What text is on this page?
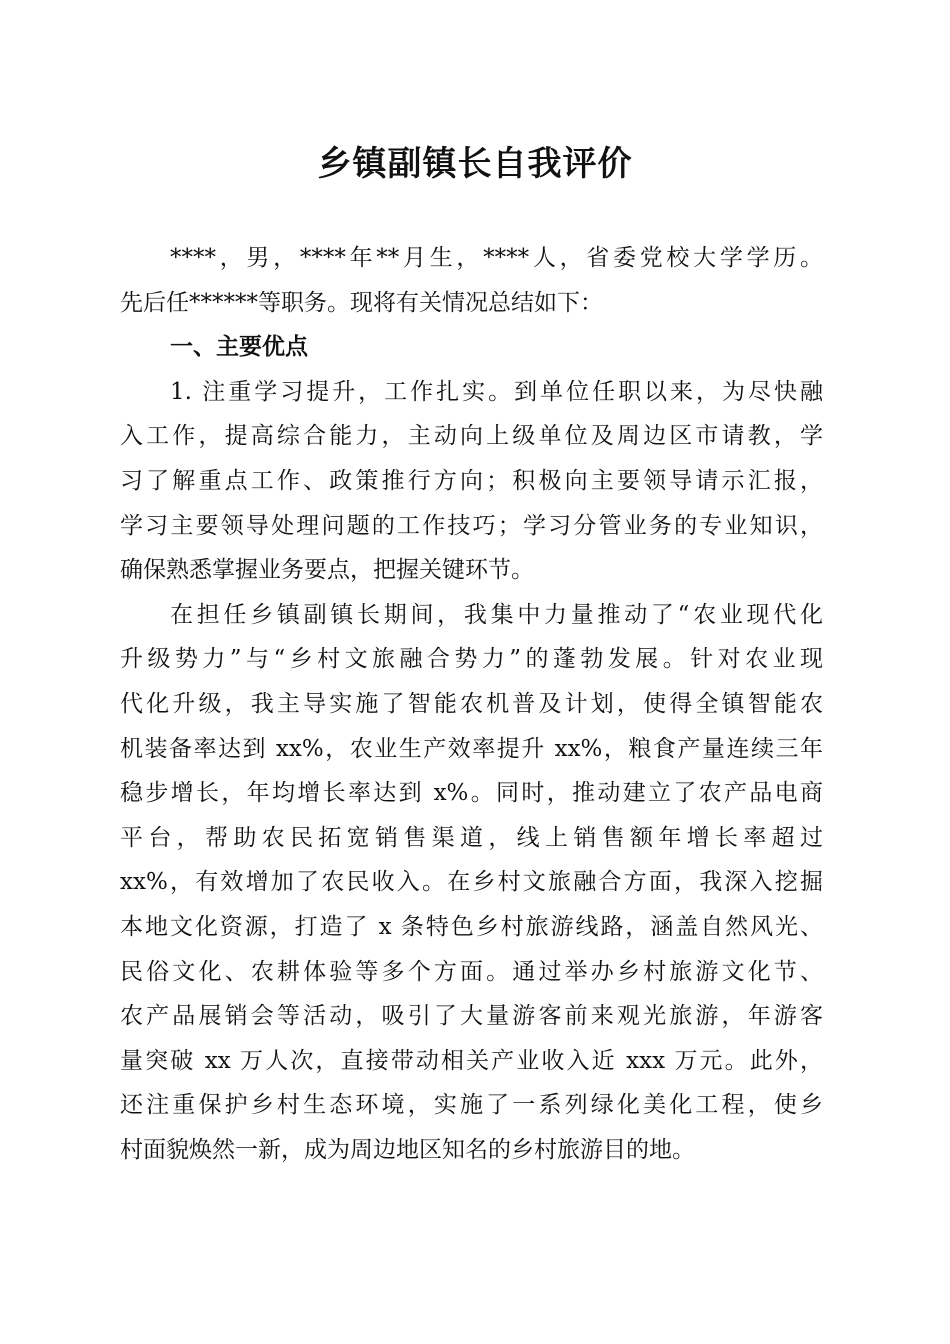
乡镇副镇长自我评价
****，男，****年**月生，****人，省委党校大学学历。
先后任******等职务。现将有关情况总结如下：
一、主要优点
1. 注重学习提升，工作扎实。到单位任职以来，为尽快融
入工作，提高综合能力，主动向上级单位及周边区市请教，学
习了解重点工作、政策推行方向；积极向主要领导请示汇报，
学习主要领导处理问题的工作技巧；学习分管业务的专业知识，
确保熟悉掌握业务要点，把握关键环节。
在担任乡镇副镇长期间，我集中力量推动了“农业现代化
升级势力”与“乡村文旅融合势力”的蓬勃发展。针对农业现
代化升级，我主导实施了智能农机普及计划，使得全镇智能农
机装备率达到 xx%，农业生产效率提升 xx%，粮食产量连续三年
稳步增长，年均增长率达到 x%。同时，推动建立了农产品电商
平台，帮助农民拓宽销售渠道，线上销售额年增长率超过
xx%，有效增加了农民收入。在乡村文旅融合方面，我深入挖掘
本地文化资源，打造了 x 条特色乡村旅游线路，涵盖自然风光、
民俗文化、农耕体验等多个方面。通过举办乡村旅游文化节、
农产品展销会等活动，吸引了大量游客前来观光旅游，年游客
量突破 xx 万人次，直接带动相关产业收入近 xxx 万元。此外，
还注重保护乡村生态环境，实施了一系列绿化美化工程，使乡
村面貌焕然一新，成为周边地区知名的乡村旅游目的地。
